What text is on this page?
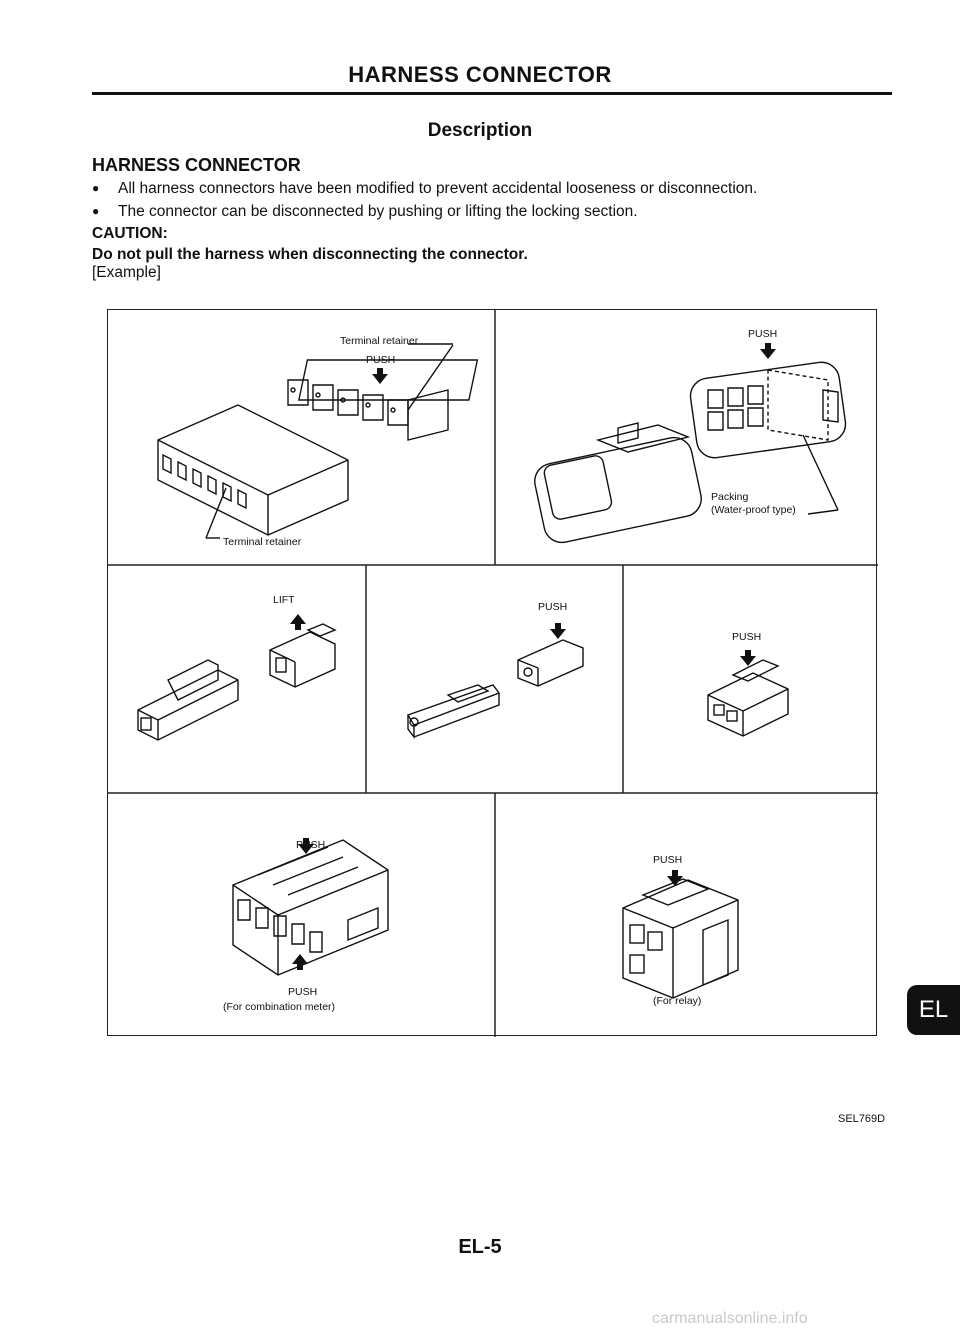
HARNESS CONNECTOR
Description
HARNESS CONNECTOR
● All harness connectors have been modified to prevent accidental looseness or disconnection.
● The connector can be disconnected by pushing or lifting the locking section.
CAUTION:
Do not pull the harness when disconnecting the connector.
[Example]
Terminal retainer
PUSH
Terminal retainer
PUSH
Packing
(Water-proof type)
LIFT
PUSH
PUSH
PUSH
PUSH
(For combination meter)
PUSH
(For relay)	EL
SEL769D
EL-5
carmanualsonline.info
